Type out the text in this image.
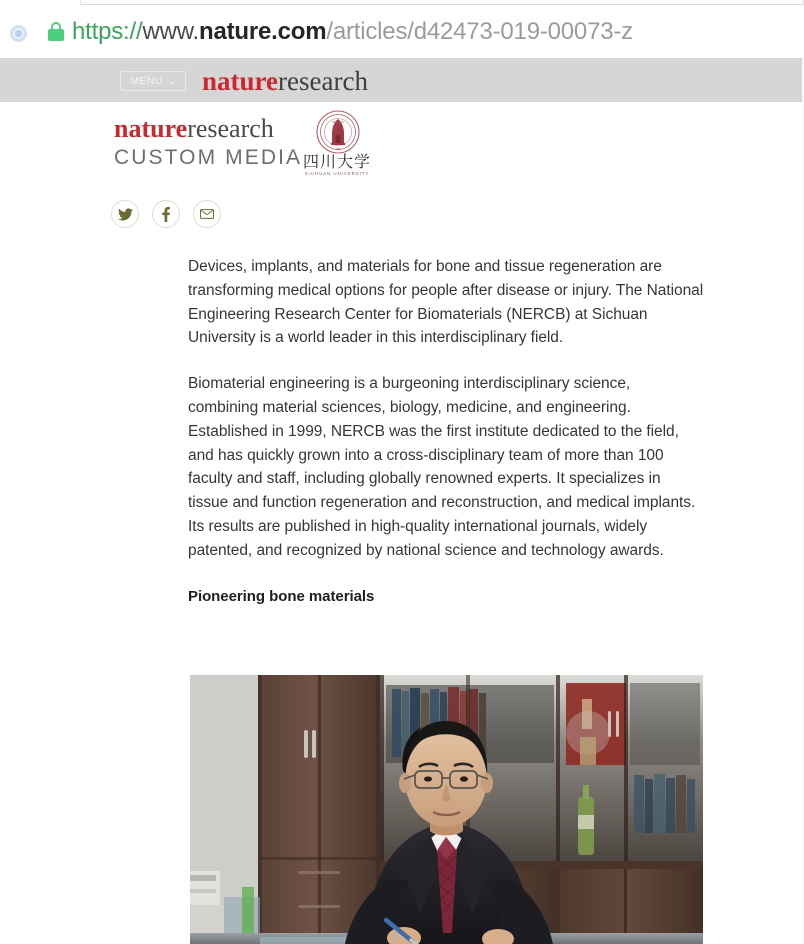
https://www.nature.com/articles/d42473-019-00073-z
MENU ⌄ natureresearch
natureresearch
CUSTOM MEDIA
SICHUAN
1896
四川大学
SICHUAN UNIVERSITY

Devices, implants, and materials for bone and tissue regeneration are transforming medical options for people after disease or injury. The National Engineering Research Center for Biomaterials (NERCB) at Sichuan University is a world leader in this interdisciplinary field.

Biomaterial engineering is a burgeoning interdisciplinary science, combining material sciences, biology, medicine, and engineering. Established in 1999, NERCB was the first institute dedicated to the field, and has quickly grown into a cross-disciplinary team of more than 100 faculty and staff, including globally renowned experts. It specializes in tissue and function regeneration and reconstruction, and medical implants. Its results are published in high-quality international journals, widely patented, and recognized by national science and technology awards.

Pioneering bone materials
